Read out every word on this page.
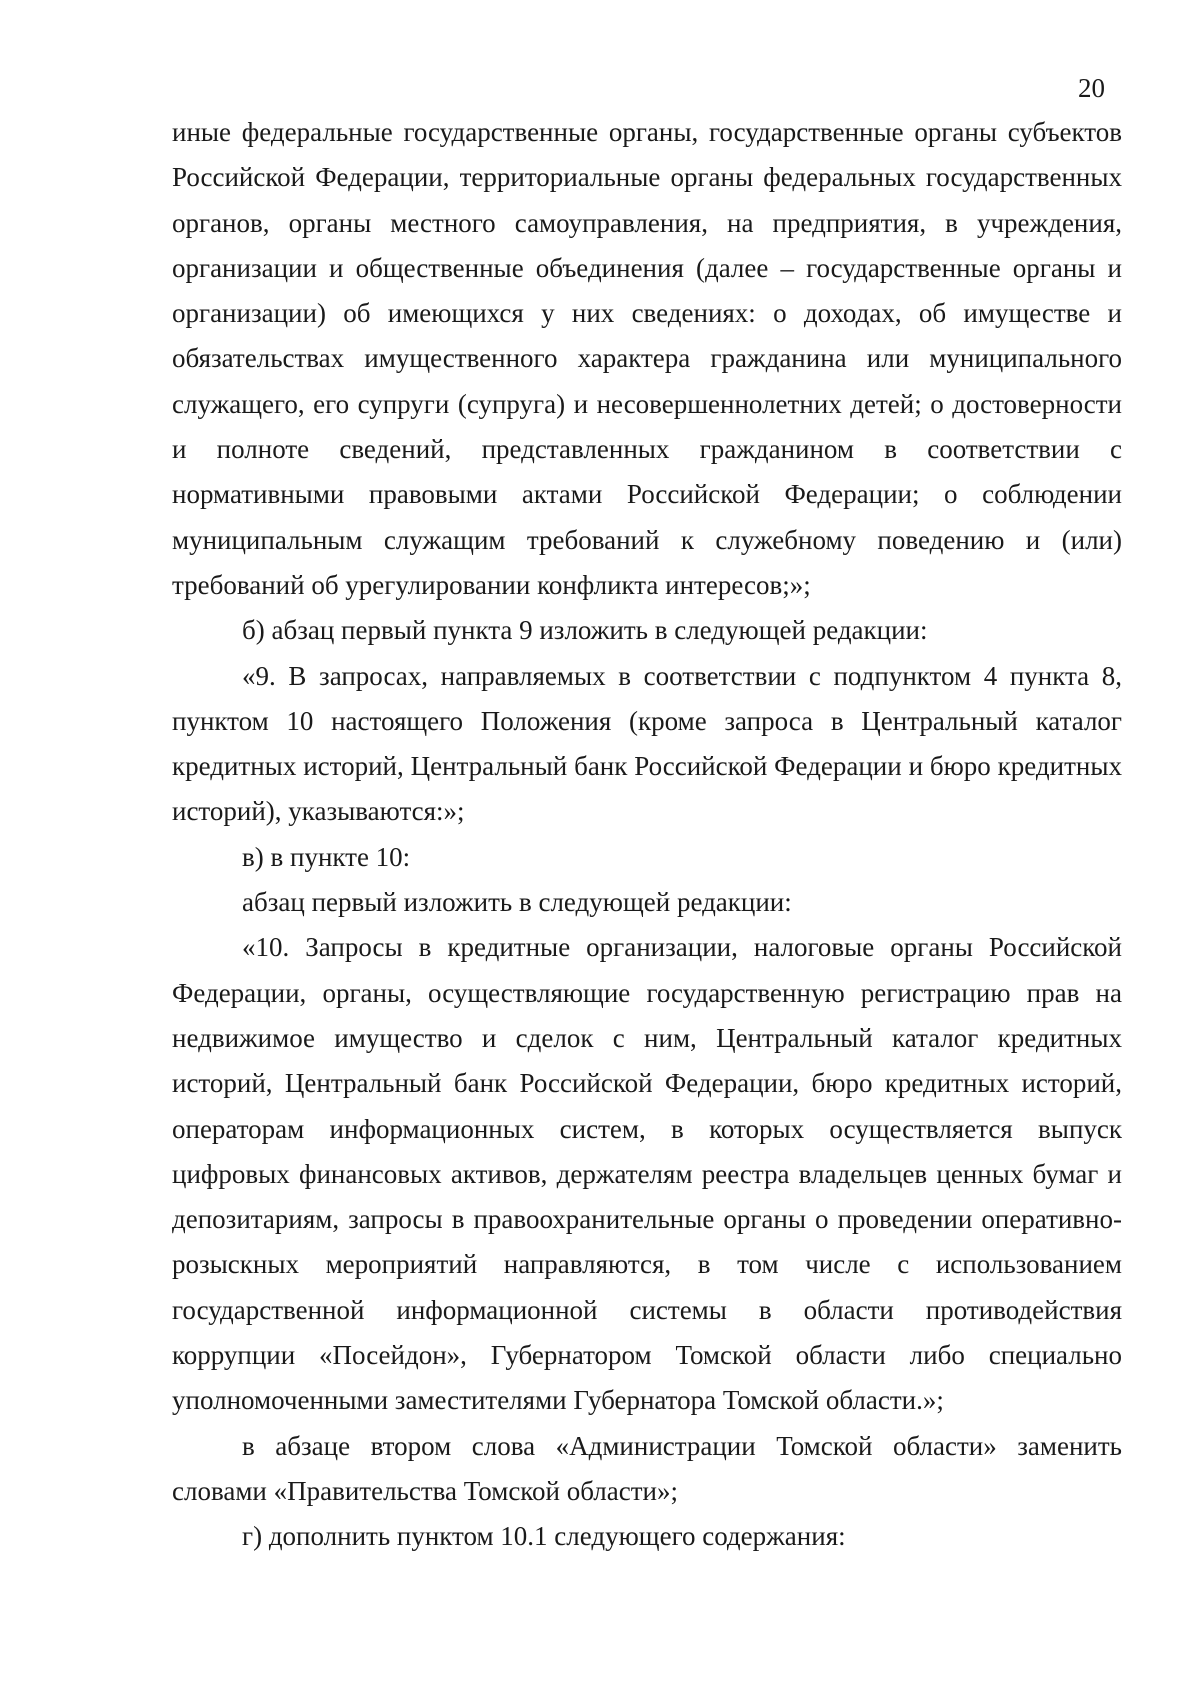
20

иные федеральные государственные органы, государственные органы субъектов Российской Федерации, территориальные органы федеральных государственных органов, органы местного самоуправления, на предприятия, в учреждения, организации и общественные объединения (далее – государственные органы и организации) об имеющихся у них сведениях: о доходах, об имуществе и обязательствах имущественного характера гражданина или муниципального служащего, его супруги (супруга) и несовершеннолетних детей; о достоверности и полноте сведений, представленных гражданином в соответствии с нормативными правовыми актами Российской Федерации; о соблюдении муниципальным служащим требований к служебному поведению и (или) требований об урегулировании конфликта интересов;»;

б) абзац первый пункта 9 изложить в следующей редакции:

«9. В запросах, направляемых в соответствии с подпунктом 4 пункта 8, пунктом 10 настоящего Положения (кроме запроса в Центральный каталог кредитных историй, Центральный банк Российской Федерации и бюро кредитных историй), указываются:»;

в) в пункте 10:

абзац первый изложить в следующей редакции:

«10. Запросы в кредитные организации, налоговые органы Российской Федерации, органы, осуществляющие государственную регистрацию прав на недвижимое имущество и сделок с ним, Центральный каталог кредитных историй, Центральный банк Российской Федерации, бюро кредитных историй, операторам информационных систем, в которых осуществляется выпуск цифровых финансовых активов, держателям реестра владельцев ценных бумаг и депозитариям, запросы в правоохранительные органы о проведении оперативно-розыскных мероприятий направляются, в том числе с использованием государственной информационной системы в области противодействия коррупции «Посейдон», Губернатором Томской области либо специально уполномоченными заместителями Губернатора Томской области.»;

в абзаце втором слова «Администрации Томской области» заменить словами «Правительства Томской области»;

г) дополнить пунктом 10.1 следующего содержания:
